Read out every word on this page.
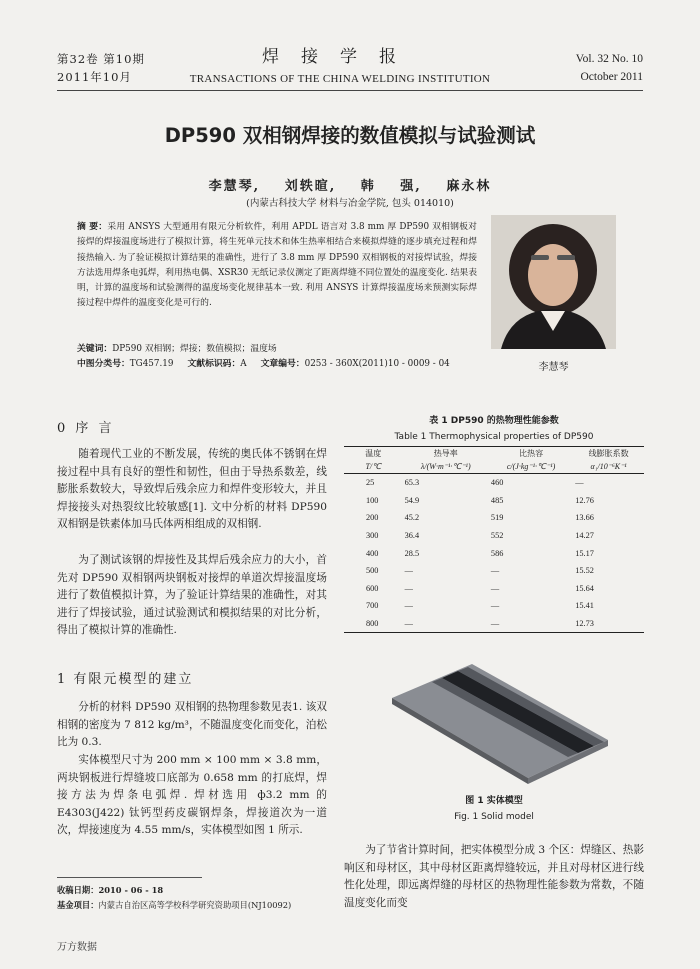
第32卷 第10期
2011年10月
焊接学报
TRANSACTIONS OF THE CHINA WELDING INSTITUTION
Vol. 32 No. 10
October 2011
DP590 双相钢焊接的数值模拟与试验测试
李慧琴, 刘轶暄, 韩 强, 麻永林
(内蒙古科技大学 材料与冶金学院, 包头 014010)
摘 要：采用 ANSYS 大型通用有限元分析软件，利用 APDL 语言对 3.8 mm 厚 DP590 双相钢板对接焊的焊接温度场进行了模拟计算，将生死单元技术和体生热率相结合来模拟焊缝的逐步填充过程和焊接热输入. 为了验证模拟计算结果的准确性，进行了 3.8 mm 厚 DP590 双相钢板的对接焊试验，焊接方法选用焊条电弧焊，利用热电偶、XSR30 无纸记录仪测定了距离焊缝不同位置处的温度变化. 结果表明，计算的温度场和试验测得的温度场变化规律基本一致. 利用 ANSYS 计算焊接温度场来预测实际焊接过程中焊件的温度变化是可行的.
关键词：DP590 双相钢；焊接；数值模拟；温度场
中图分类号：TG457.19 文献标识码：A 文章编号：0253 - 360X(2011)10 - 0009 - 04	李慧琴
0 序 言
随着现代工业的不断发展，传统的奥氏体不锈钢在焊接过程中具有良好的塑性和韧性，但由于导热系数差，线膨胀系数较大，导致焊后残余应力和焊件变形较大，并且焊接接头对热裂纹比较敏感[1]. 文中分析的材料 DP590 双相钢是铁素体加马氏体两相组成的双相钢.
为了测试该钢的焊接性及其焊后残余应力的大小，首先对 DP590 双相钢两块钢板对接焊的单道次焊接温度场进行了数值模拟计算，为了验证计算结果的准确性，对其进行了焊接试验，通过试验测试和模拟结果的对比分析，得出了模拟计算的准确性.
1 有限元模型的建立
分析的材料 DP590 双相钢的热物理参数见表1. 该双相钢的密度为 7 812 kg/m³，不随温度变化而变化，泊松比为 0.3.
实体模型尺寸为 200 mm × 100 mm × 3.8 mm，两块钢板进行焊缝坡口底部为 0.658 mm 的打底焊，焊接方法为焊条电弧焊. 焊材选用 ф3.2 mm 的 E4303(J422) 钛钙型药皮碳钢焊条，焊接道次为一道次，焊接速度为 4.55 mm/s，实体模型如图 1 所示.
收稿日期：2010 - 06 - 18
基金项目：内蒙古自治区高等学校科学研究资助项目(NJ10092)
表 1 DP590 的热物理性能参数
Table 1 Thermophysical properties of DP590
温度	热导率	比热容	线膨胀系数
T/℃	λ/(W·m⁻¹·℃⁻¹)	c/(J·kg⁻¹·℃⁻¹)	α₁/10⁻⁶K⁻¹
25	65.3	460	—
100	54.9	485	12.76
200	45.2	519	13.66
300	36.4	552	14.27
400	28.5	586	15.17
500	—	—	15.52
600	—	—	15.64
700	—	—	15.41
800	—	—	12.73
图 1 实体模型
Fig. 1 Solid model
为了节省计算时间，把实体模型分成 3 个区：焊缝区、热影响区和母材区，其中母材区距离焊缝较远，并且对母材区进行线性化处理，即远离焊缝的母材区的热物理性能参数为常数，不随温度变化而变
万方数据
